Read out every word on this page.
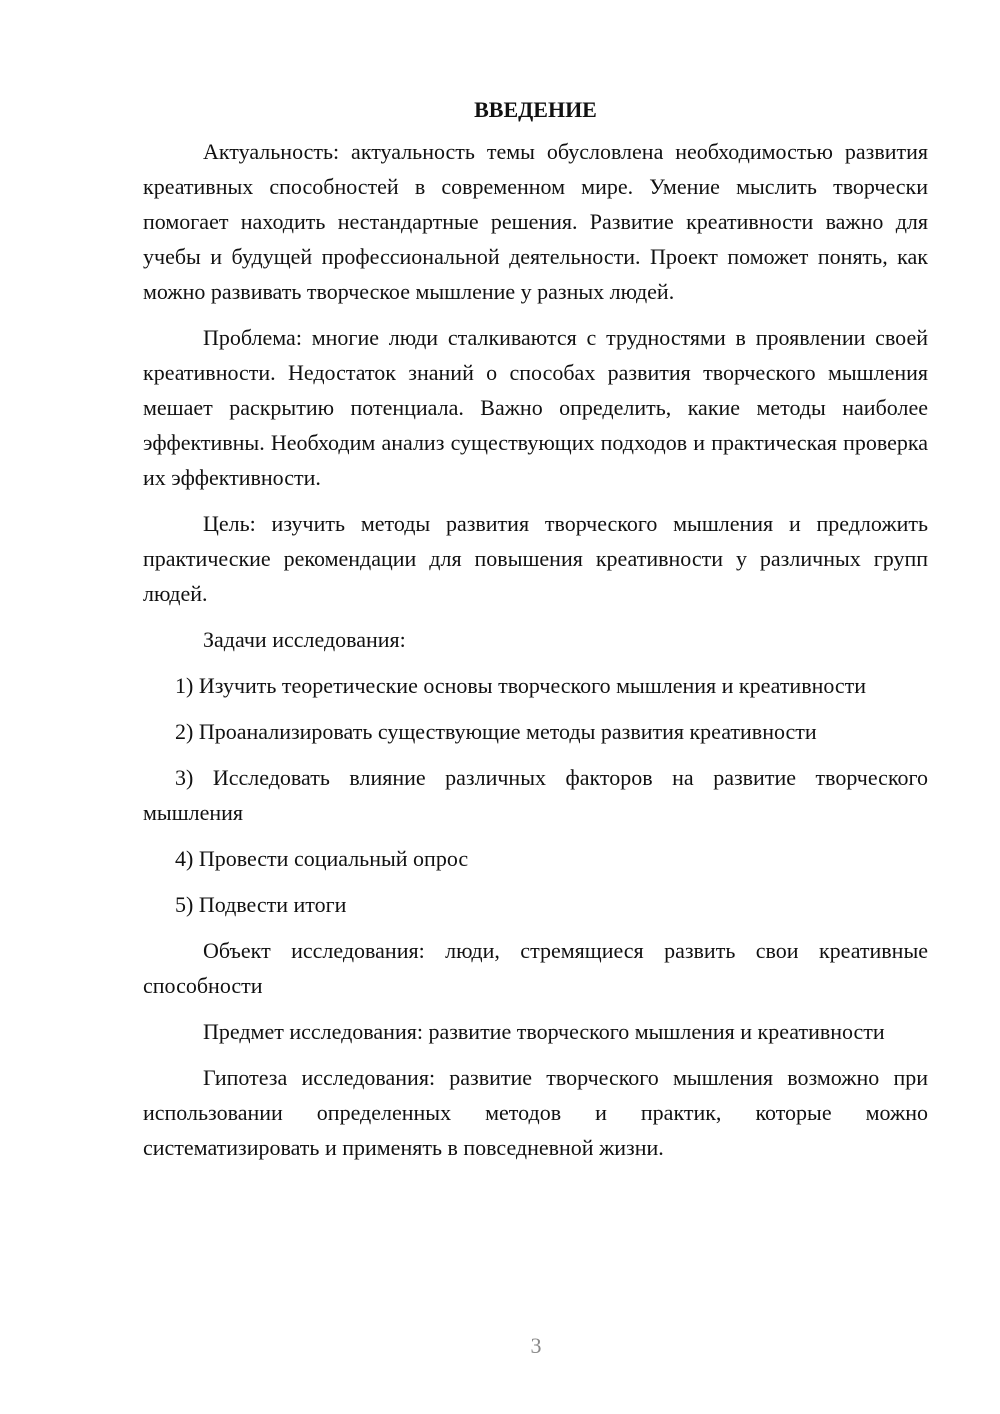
ВВЕДЕНИЕ

Актуальность: актуальность темы обусловлена необходимостью развития креативных способностей в современном мире. Умение мыслить творчески помогает находить нестандартные решения. Развитие креативности важно для учебы и будущей профессиональной деятельности. Проект поможет понять, как можно развивать творческое мышление у разных людей.

Проблема: многие люди сталкиваются с трудностями в проявлении своей креативности. Недостаток знаний о способах развития творческого мышления мешает раскрытию потенциала. Важно определить, какие методы наиболее эффективны. Необходим анализ существующих подходов и практическая проверка их эффективности.

Цель: изучить методы развития творческого мышления и предложить практические рекомендации для повышения креативности у различных групп людей.

Задачи исследования:

1) Изучить теоретические основы творческого мышления и креативности
2) Проанализировать существующие методы развития креативности
3) Исследовать влияние различных факторов на развитие творческого мышления
4) Провести социальный опрос
5) Подвести итоги

Объект исследования: люди, стремящиеся развить свои креативные способности

Предмет исследования: развитие творческого мышления и креативности

Гипотеза исследования: развитие творческого мышления возможно при использовании определенных методов и практик, которые можно систематизировать и применять в повседневной жизни.

3
